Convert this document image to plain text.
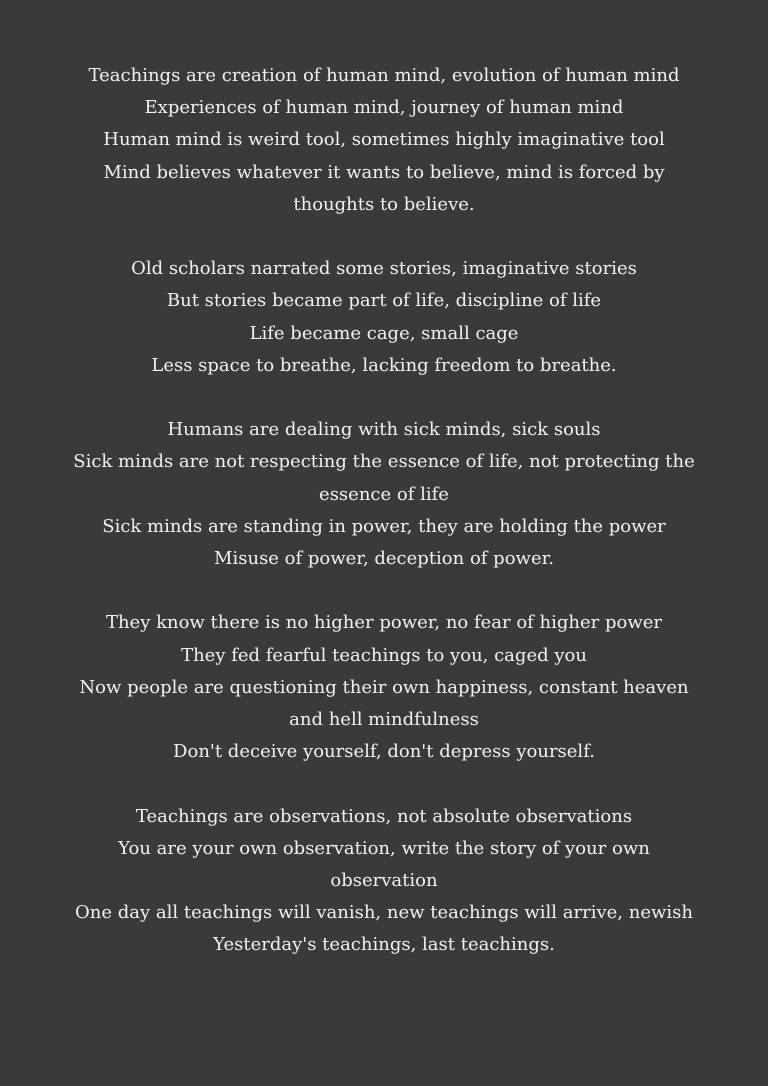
Teachings are creation of human mind, evolution of human mind
Experiences of human mind, journey of human mind
Human mind is weird tool, sometimes highly imaginative tool
Mind believes whatever it wants to believe, mind is forced by thoughts to believe.
Old scholars narrated some stories, imaginative stories
But stories became part of life, discipline of life
Life became cage, small cage
Less space to breathe, lacking freedom to breathe.
Humans are dealing with sick minds, sick souls
Sick minds are not respecting the essence of life, not protecting the essence of life
Sick minds are standing in power, they are holding the power
Misuse of power, deception of power.
They know there is no higher power, no fear of higher power
They fed fearful teachings to you, caged you
Now people are questioning their own happiness, constant heaven and hell mindfulness
Don't deceive yourself, don't depress yourself.
Teachings are observations, not absolute observations
You are your own observation, write the story of your own observation
One day all teachings will vanish, new teachings will arrive, newish
Yesterday's teachings, last teachings.
